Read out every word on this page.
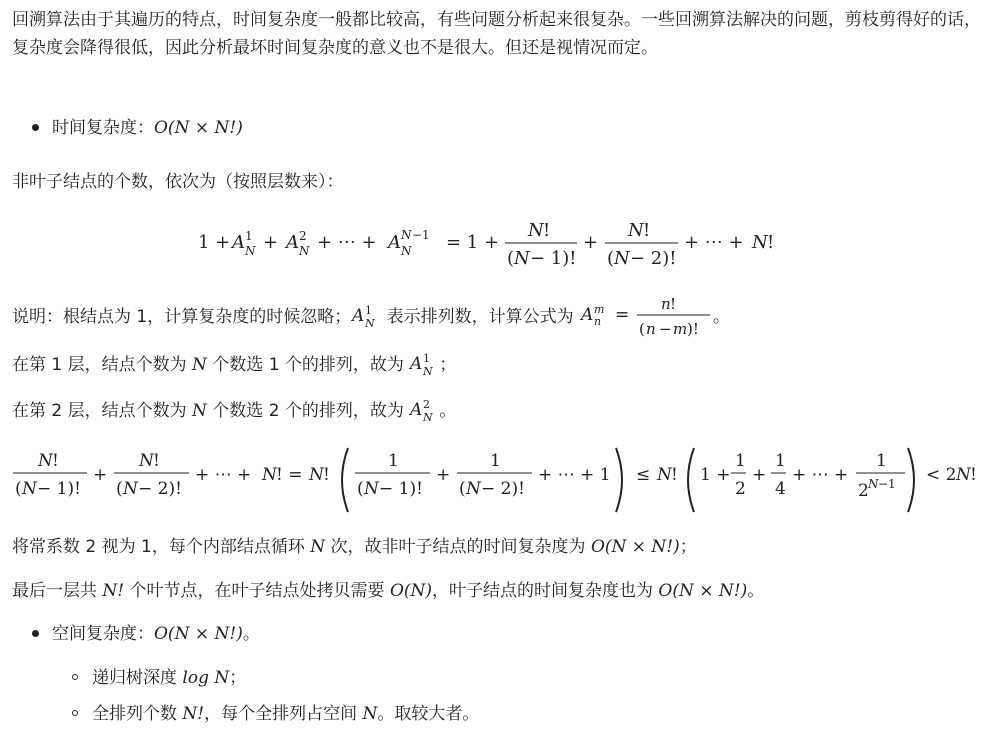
回溯算法由于其遍历的特点，时间复杂度一般都比较高，有些问题分析起来很复杂。一些回溯算法解决的问题，剪枝剪得好的话，复杂度会降得很低，因此分析最坏时间复杂度的意义也不是很大。但还是视情况而定。
时间复杂度：O(N × N!)
非叶子结点的个数，依次为（按照层数来）：
1 + A 1
N + A 2
N + ⋯ + A N −1
N = 1 +
N !
( N − 1)!
+
N !
( N − 2)!
+ ⋯ + N !
说明：根结点为 1，计算复杂度的时候忽略； A 1
N 表示排列数，计算公式为 A m
n =
n !
( n − m )!
。
在第 1 层，结点个数为 N 个数选 1 个的排列，故为 A 1
N ；
在第 2 层，结点个数为 N 个数选 2 个的排列，故为 A 2
N 。
N !
( N − 1)!
+
N !
( N − 2)!
+ ⋯ + N ! = N !
1
( N − 1)!
+
1
( N − 2)!
+ ⋯ + 1 ≤ N ! 1 +
1
2
+
1
4
+ ⋯ +
1
2 N −1 < 2 N !
将常系数 2 视为 1，每个内部结点循环 N 次，故非叶子结点的时间复杂度为 O(N × N!)；
最后一层共 N! 个叶节点，在叶子结点处拷贝需要 O(N)，叶子结点的时间复杂度也为 O(N × N!)。
空间复杂度：O(N × N!)。
递归树深度 log N；
全排列个数 N!，每个全排列占空间 N。取较大者。
